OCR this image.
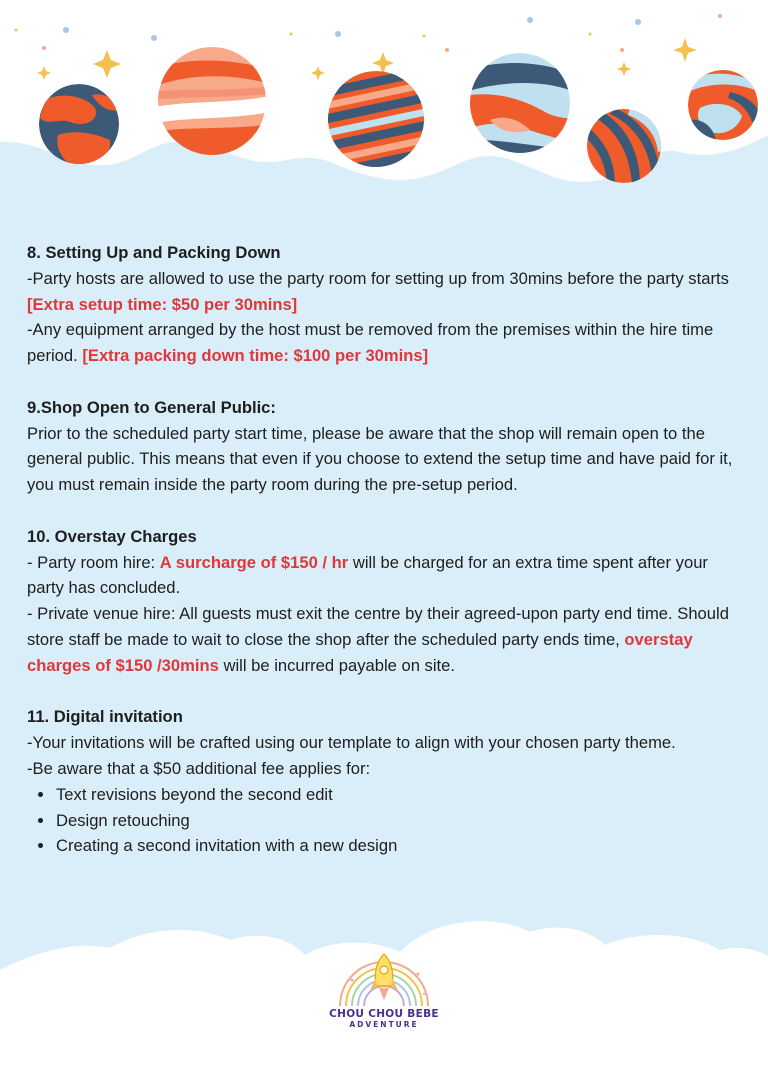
8. Setting Up and Packing Down

-Party hosts are allowed to use the party room for setting up from 30mins before the party starts [Extra setup time: $50 per 30mins]

-Any equipment arranged by the host must be removed from the premises within the hire time period. [Extra packing down time: $100 per 30mins]

9.Shop Open to General Public:

Prior to the scheduled party start time, please be aware that the shop will remain open to the general public. This means that even if you choose to extend the setup time and have paid for it, you must remain inside the party room during the pre-setup period.

10. Overstay Charges

- Party room hire: A surcharge of $150 / hr will be charged for an extra time spent after your party has concluded.

- Private venue hire: All guests must exit the centre by their agreed-upon party end time. Should store staff be made to wait to close the shop after the scheduled party ends time, overstay charges of $150 /30mins will be incurred payable on site.

11. Digital invitation

-Your invitations will be crafted using our template to align with your chosen party theme.

-Be aware that a $50 additional fee applies for:

• Text revisions beyond the second edit
• Design retouching
• Creating a second invitation with a new design
CHOU CHOU BEBE
ADVENTURE
